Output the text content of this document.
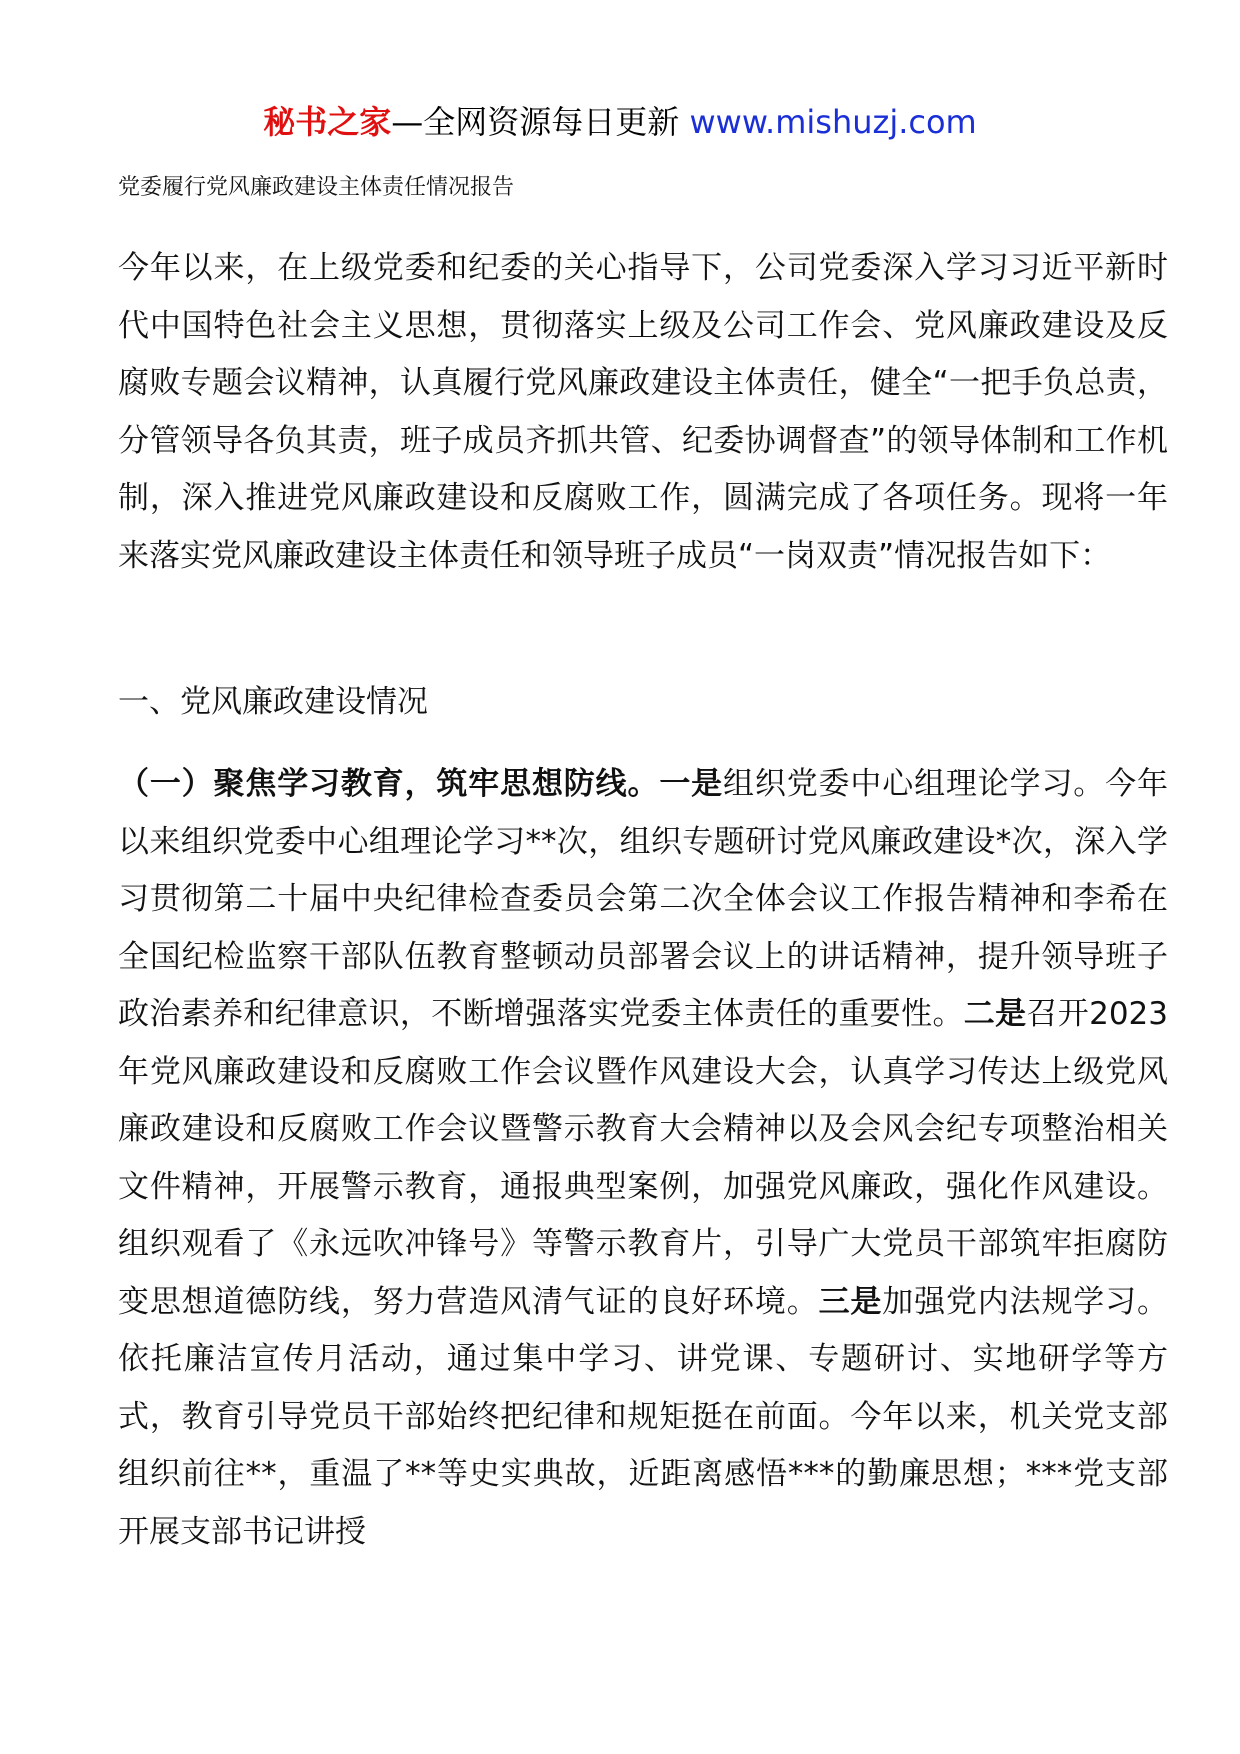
秘书之家—全网资源每日更新 www.mishuzj.com
党委履行党风廉政建设主体责任情况报告

今年以来，在上级党委和纪委的关心指导下，公司党委深入学习习近平新时代中国特色社会主义思想，贯彻落实上级及公司工作会、党风廉政建设及反腐败专题会议精神，认真履行党风廉政建设主体责任，健全“一把手负总责，分管领导各负其责，班子成员齐抓共管、纪委协调督查”的领导体制和工作机制，深入推进党风廉政建设和反腐败工作，圆满完成了各项任务。现将一年来落实党风廉政建设主体责任和领导班子成员“一岗双责”情况报告如下：

一、党风廉政建设情况

（一）聚焦学习教育，筑牢思想防线。一是组织党委中心组理论学习。今年以来组织党委中心组理论学习**次，组织专题研讨党风廉政建设*次，深入学习贯彻第二十届中央纪律检查委员会第二次全体会议工作报告精神和李希在全国纪检监察干部队伍教育整顿动员部署会议上的讲话精神，提升领导班子政治素养和纪律意识，不断增强落实党委主体责任的重要性。二是召开2023年党风廉政建设和反腐败工作会议暨作风建设大会，认真学习传达上级党风廉政建设和反腐败工作会议暨警示教育大会精神以及会风会纪专项整治相关文件精神，开展警示教育，通报典型案例，加强党风廉政，强化作风建设。组织观看了《永远吹冲锋号》等警示教育片，引导广大党员干部筑牢拒腐防变思想道德防线，努力营造风清气证的良好环境。三是加强党内法规学习。依托廉洁宣传月活动，通过集中学习、讲党课、专题研讨、实地研学等方式，教育引导党员干部始终把纪律和规矩挺在前面。今年以来，机关党支部组织前往**，重温了**等史实典故，近距离感悟***的勤廉思想；***党支部开展支部书记讲授
